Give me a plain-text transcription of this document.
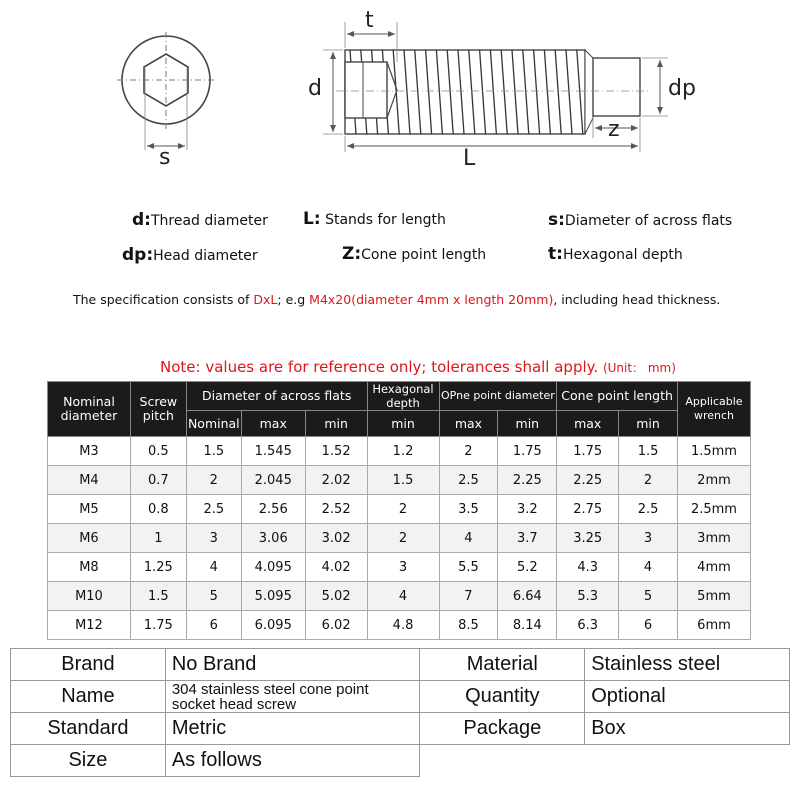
t
d	dp
z
L
s
d:Thread diameter L: Stands for length	s:Diameter of across flats
dp:Head diameter	Z:Cone point length	t:Hexagonal depth
The specification consists of DxL; e.g M4x20(diameter 4mm x length 20mm), including head thickness.
Note: values are for reference only; tolerances shall apply. (Unit： mm)
Nominal diameter	Screw pitch	Diameter of across flats			Hexagonal depth	OPne point diameter		Cone point length		Applicable wrench
		Nominal	max	min	min	max	min	max	min	
M3	0.5	1.5	1.545	1.52	1.2	2	1.75	1.75	1.5	1.5mm
M4	0.7	2	2.045	2.02	1.5	2.5	2.25	2.25	2	2mm
M5	0.8	2.5	2.56	2.52	2	3.5	3.2	2.75	2.5	2.5mm
M6	1	3	3.06	3.02	2	4	3.7	3.25	3	3mm
M8	1.25	4	4.095	4.02	3	5.5	5.2	4.3	4	4mm
M10	1.5	5	5.095	5.02	4	7	6.64	5.3	5	5mm
M12	1.75	6	6.095	6.02	4.8	8.5	8.14	6.3	6	6mm
Brand	No Brand	Material	Stainless steel
Name	304 stainless steel cone point socket head screw	Quantity	Optional
Standard	Metric	Package	Box
Size	As follows		
